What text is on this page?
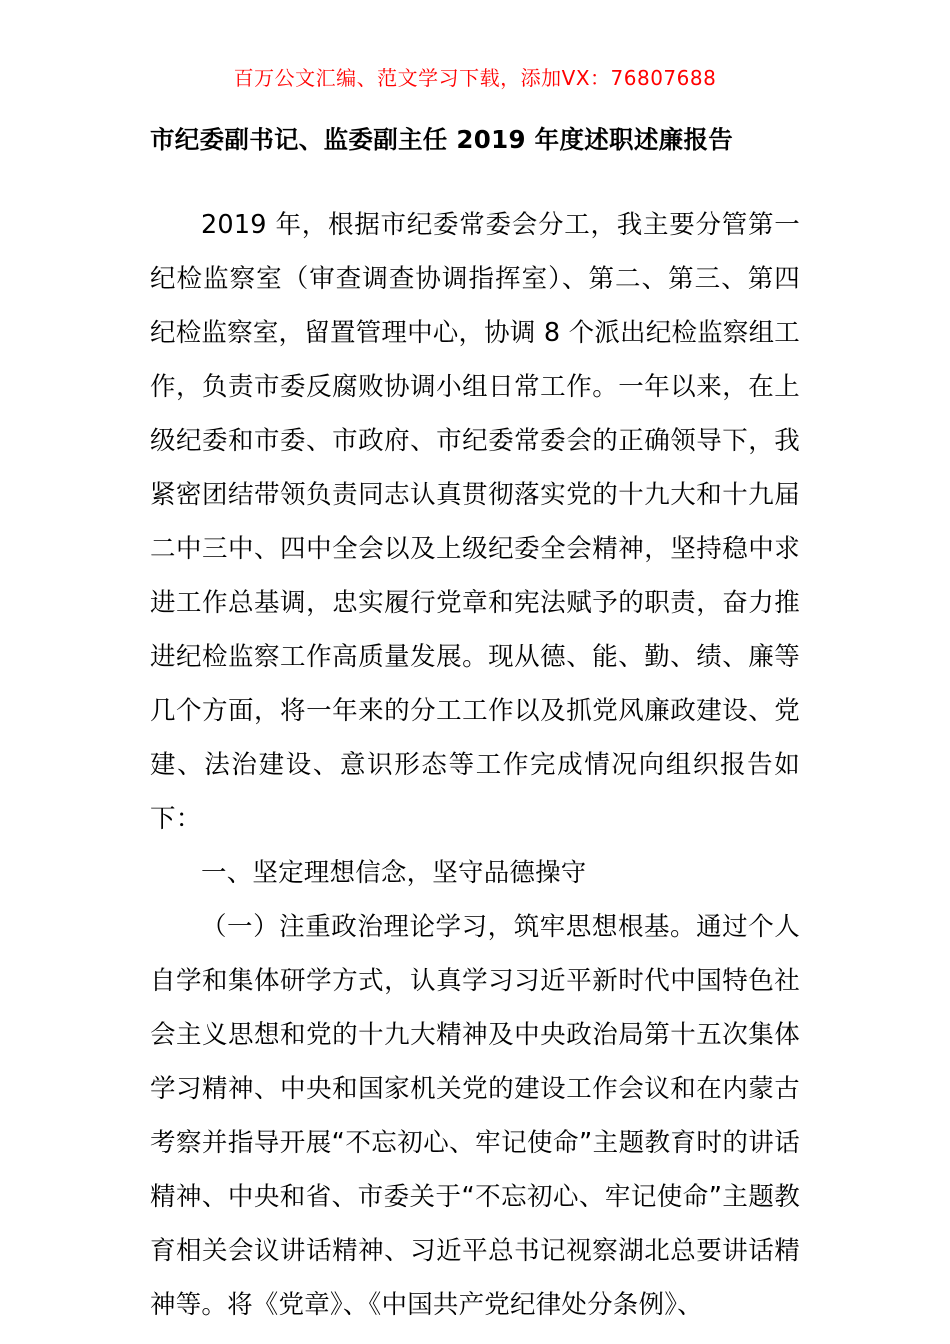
百万公文汇编、范文学习下载，添加VX：76807688
市纪委副书记、监委副主任 2019 年度述职述廉报告

2019 年，根据市纪委常委会分工，我主要分管第一纪检监察室（审查调查协调指挥室）、第二、第三、第四纪检监察室，留置管理中心，协调 8 个派出纪检监察组工作，负责市委反腐败协调小组日常工作。一年以来，在上级纪委和市委、市政府、市纪委常委会的正确领导下，我紧密团结带领负责同志认真贯彻落实党的十九大和十九届二中三中、四中全会以及上级纪委全会精神，坚持稳中求进工作总基调，忠实履行党章和宪法赋予的职责，奋力推进纪检监察工作高质量发展。现从德、能、勤、绩、廉等几个方面，将一年来的分工工作以及抓党风廉政建设、党建、法治建设、意识形态等工作完成情况向组织报告如下：

一、坚定理想信念，坚守品德操守

（一）注重政治理论学习，筑牢思想根基。通过个人自学和集体研学方式，认真学习习近平新时代中国特色社会主义思想和党的十九大精神及中央政治局第十五次集体学习精神、中央和国家机关党的建设工作会议和在内蒙古考察并指导开展“不忘初心、牢记使命”主题教育时的讲话精神、中央和省、市委关于“不忘初心、牢记使命”主题教育相关会议讲话精神、习近平总书记视察湖北总要讲话精神等。将《党章》、《中国共产党纪律处分条例》、
